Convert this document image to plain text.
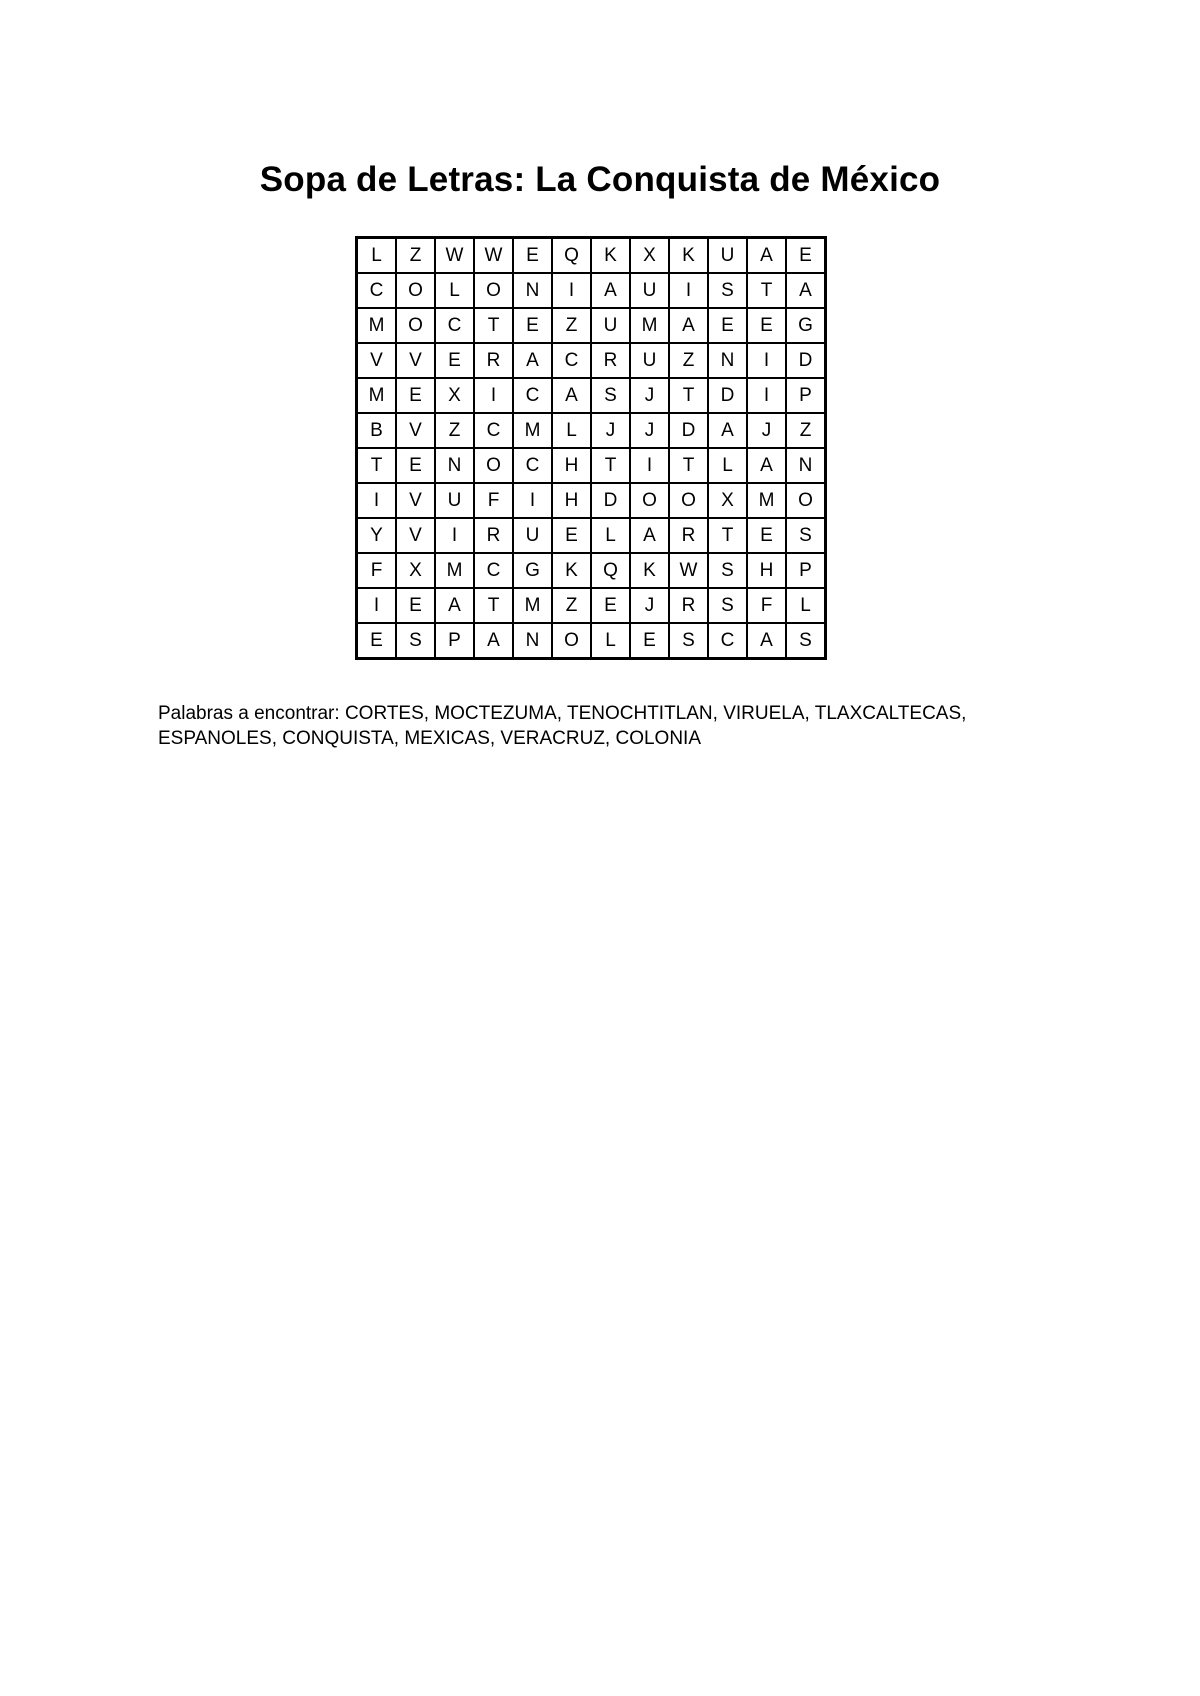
Sopa de Letras: La Conquista de México
L	Z	W	W	E	Q	K	X	K	U	A	E
C	O	L	O	N	I	A	U	I	S	T	A
M	O	C	T	E	Z	U	M	A	E	E	G
V	V	E	R	A	C	R	U	Z	N	I	D
M	E	X	I	C	A	S	J	T	D	I	P
B	V	Z	C	M	L	J	J	D	A	J	Z
T	E	N	O	C	H	T	I	T	L	A	N
I	V	U	F	I	H	D	O	O	X	M	O
Y	V	I	R	U	E	L	A	R	T	E	S
F	X	M	C	G	K	Q	K	W	S	H	P
I	E	A	T	M	Z	E	J	R	S	F	L
E	S	P	A	N	O	L	E	S	C	A	S
Palabras a encontrar: CORTES, MOCTEZUMA, TENOCHTITLAN, VIRUELA, TLAXCALTECAS,
ESPANOLES, CONQUISTA, MEXICAS, VERACRUZ, COLONIA
